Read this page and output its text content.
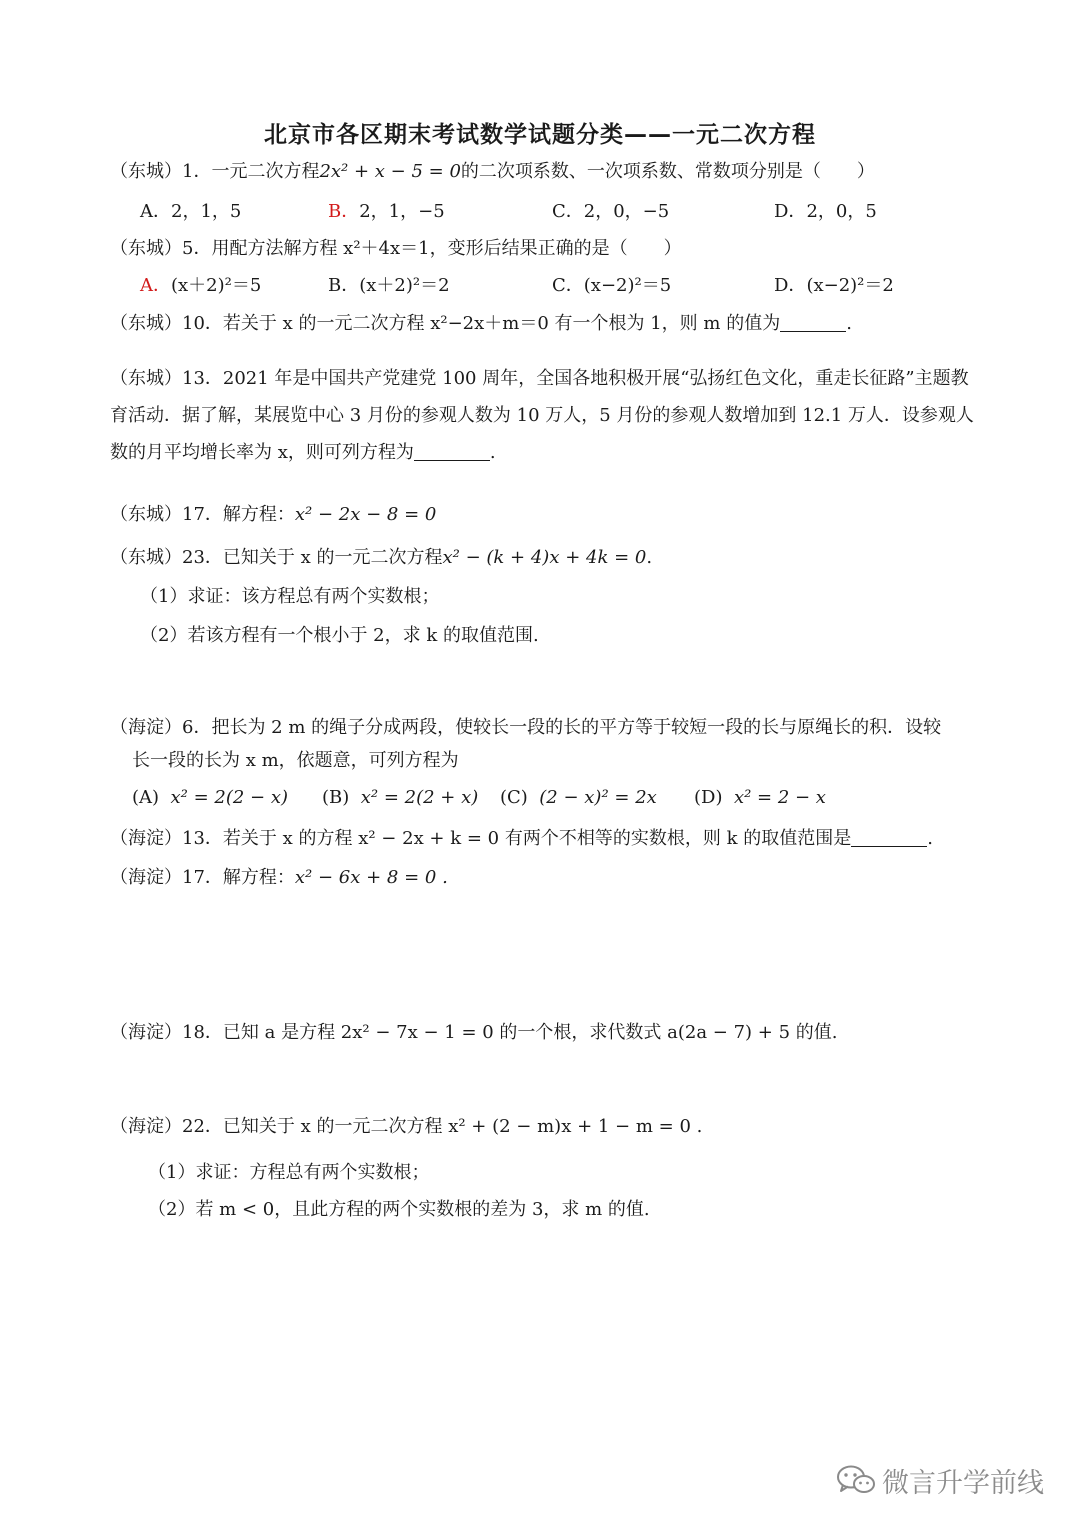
北京市各区期末考试数学试题分类——一元二次方程
（东城）1．一元二次方程2x² + x − 5 = 0的二次项系数、一次项系数、常数项分别是（　　）
A．2，1，5	B．2，1，−5	C．2，0，−5	D．2，0，5
（东城）5．用配方法解方程 x²＋4x＝1，变形后结果正确的是（　　）
A．(x＋2)²＝5	B．(x＋2)²＝2	C．(x−2)²＝5	D．(x−2)²＝2
（东城）10．若关于 x 的一元二次方程 x²−2x＋m＝0 有一个根为 1，则 m 的值为	.
（东城）13．2021 年是中国共产党建党 100 周年，全国各地积极开展“弘扬红色文化，重走长征路”主题教育活动．据了解，某展览中心 3 月份的参观人数为 10 万人，5 月份的参观人数增加到 12.1 万人．设参观人数的月平均增长率为 x，则可列方程为	.
（东城）17．解方程：x² − 2x − 8 = 0
（东城）23．已知关于 x 的一元二次方程x² − (k + 4)x + 4k = 0.
（1）求证：该方程总有两个实数根；
（2）若该方程有一个根小于 2，求 k 的取值范围.
（海淀）6．把长为 2 m 的绳子分成两段，使较长一段的长的平方等于较短一段的长与原绳长的积．设较
长一段的长为 x m，依题意，可列方程为
(A) x² = 2(2 − x) (B) x² = 2(2 + x) (C) (2 − x)² = 2x (D) x² = 2 − x
（海淀）13．若关于 x 的方程 x² − 2x + k = 0 有两个不相等的实数根，则 k 的取值范围是	.
（海淀）17．解方程：x² − 6x + 8 = 0 .
（海淀）18．已知 a 是方程 2x² − 7x − 1 = 0 的一个根，求代数式 a(2a − 7) + 5 的值.
（海淀）22．已知关于 x 的一元二次方程 x² + (2 − m)x + 1 − m = 0 .
（1）求证：方程总有两个实数根；
（2）若 m < 0，且此方程的两个实数根的差为 3，求 m 的值.
微言升学前线
